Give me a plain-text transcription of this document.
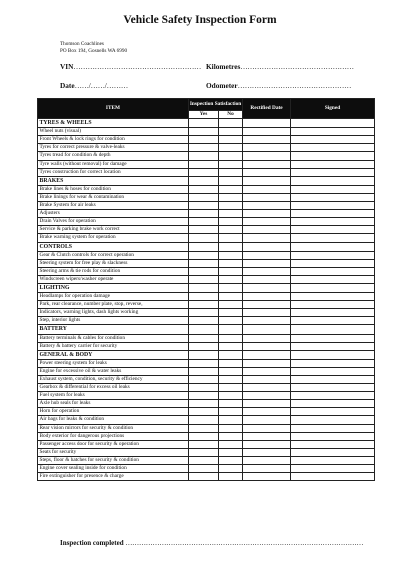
Vehicle Safety Inspection Form
Thomson Coachlines
PO Box 194, Gosnells WA 6990
VIN……………………………………………… Kilometres…………………………………………
Date……/……/………	Odometer…………………………………………
ITEM	Inspection Satisfaction		Rectified Date	Signed
	Yes	No		
TYRES & WHEELS				
Wheel nuts (visual)				
Front Wheels & lock rings for condition				
Tyres for correct pressure & valve-leaks				
Tyres tread for condition & depth				
Tyre walls (without removal) for damage				
Tyres construction for correct location				
BRAKES				
Brake lines & hoses for condition				
Brake linings for wear & contamination				
Brake System for air leaks				
Adjusters				
Drain Valves for operation				
Service & parking brake work correct				
Brake warning system for operation				
CONTROLS				
Gear & Clutch controls for correct operation				
Steering system for free play & slackness				
Steering arms & tie rods for condition				
Windscreen wipers/washer operate				
LIGHTING				
Headlamps for operation damage				
Park, rear clearance, number plate, stop, reverse,				
Indicators, warning lights, dash lights working				
Step, interior lights				
BATTERY				
Battery terminals & cables for condition				
Battery & battery carrier for security				
GENERAL & BODY				
Power steering system for leaks				
Engine for excessive oil & water leaks				
Exhaust system, condition, security & efficiency				
Gearbox & differential for excess oil leaks				
Fuel system for leaks				
Axle hub seals for leaks				
Horn for operation				
Air bags for leaks & condition				
Rear vision mirrors for security & condition				
Body exterior for dangerous projections				
Passenger access door for security & operation				
Seats for security				
Steps, floor & hatches for security & condition				
Engine cover sealing inside for condition				
Fire extinguisher for presence & charge				
Inspection completed ……………………………………………………………………………………………
